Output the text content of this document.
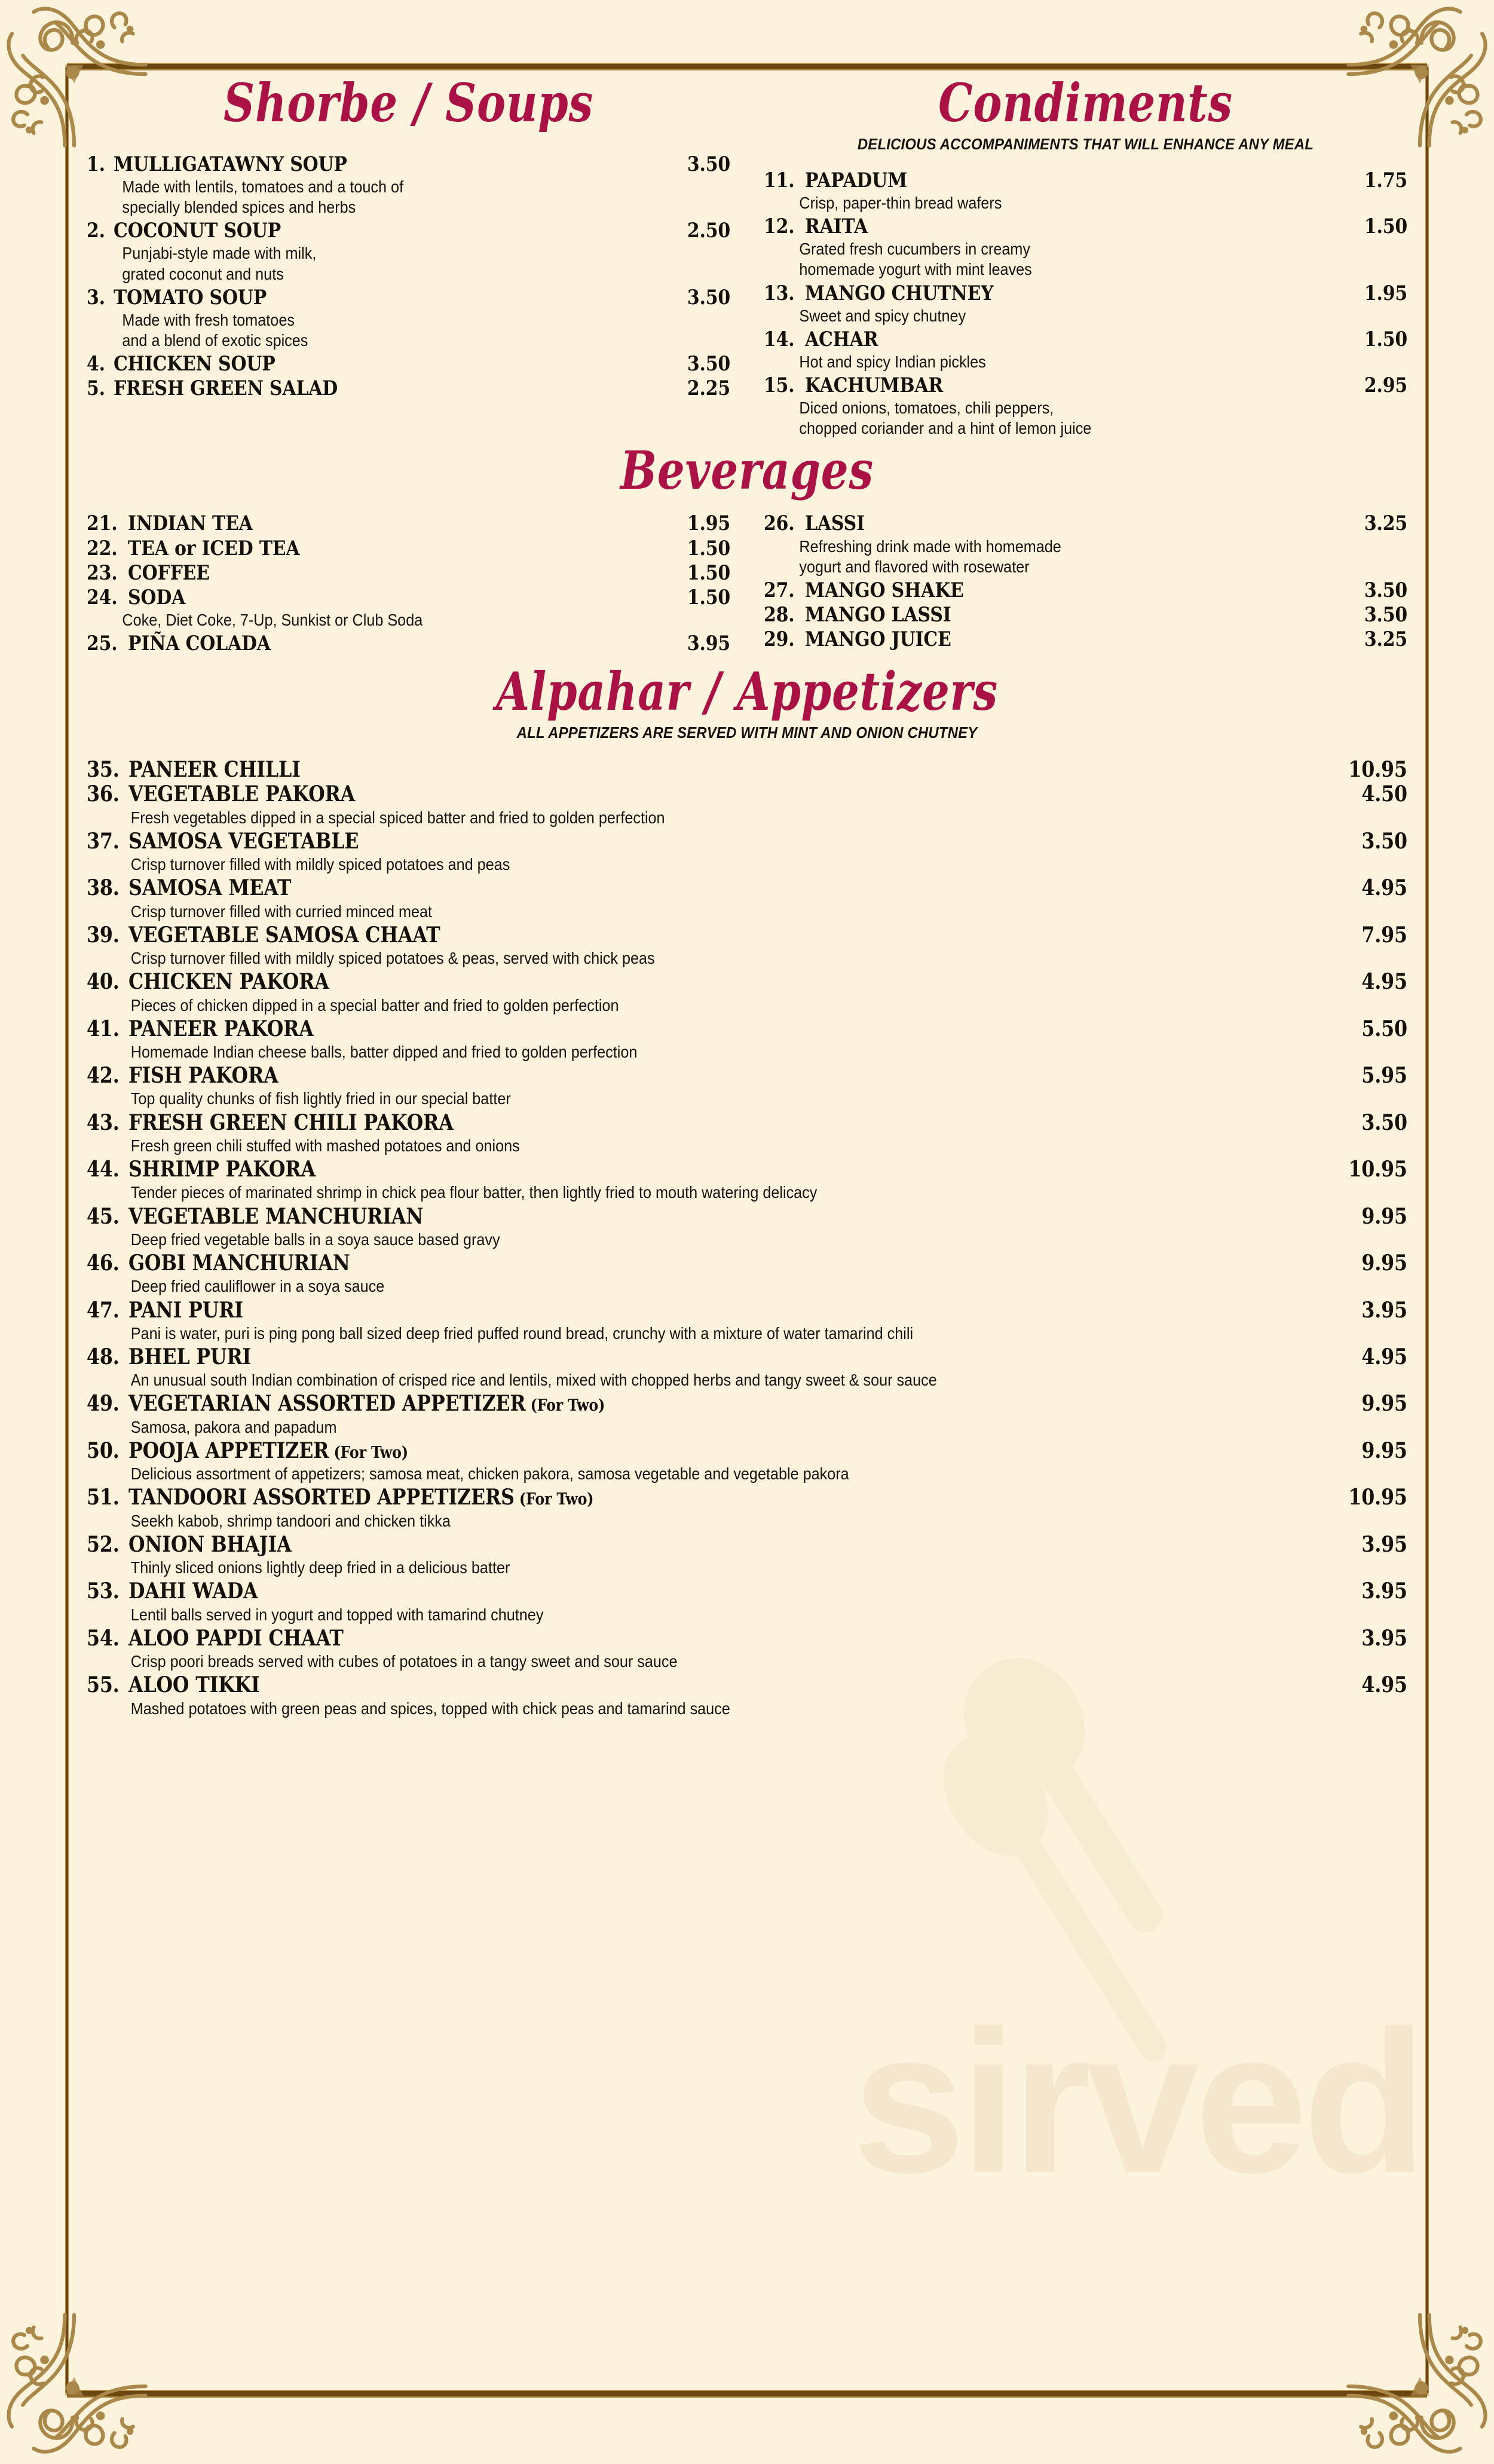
sirved
Shorbe / Soups
1. MULLIGATAWNY SOUP	3.50
Made with lentils, tomatoes and a touch of
specially blended spices and herbs
2. COCONUT SOUP	2.50
Punjabi-style made with milk,
grated coconut and nuts
3. TOMATO SOUP	3.50
Made with fresh tomatoes
and a blend of exotic spices
4. CHICKEN SOUP	3.50
5. FRESH GREEN SALAD	2.25
Condiments
DELICIOUS ACCOMPANIMENTS THAT WILL ENHANCE ANY MEAL
11. PAPADUM	1.75
Crisp, paper-thin bread wafers
12. RAITA	1.50
Grated fresh cucumbers in creamy
homemade yogurt with mint leaves
13. MANGO CHUTNEY	1.95
Sweet and spicy chutney
14. ACHAR	1.50
Hot and spicy Indian pickles
15. KACHUMBAR	2.95
Diced onions, tomatoes, chili peppers,
chopped coriander and a hint of lemon juice
Beverages
21. INDIAN TEA	1.95
22. TEA or ICED TEA	1.50
23. COFFEE	1.50
24. SODA	1.50
Coke, Diet Coke, 7-Up, Sunkist or Club Soda
25. PIÑA COLADA	3.95
26. LASSI	3.25
Refreshing drink made with homemade
yogurt and flavored with rosewater
27. MANGO SHAKE	3.50
28. MANGO LASSI	3.50
29. MANGO JUICE	3.25
Alpahar / Appetizers
ALL APPETIZERS ARE SERVED WITH MINT AND ONION CHUTNEY
35. PANEER CHILLI	10.95
36. VEGETABLE PAKORA	4.50
Fresh vegetables dipped in a special spiced batter and fried to golden perfection
37. SAMOSA VEGETABLE	3.50
Crisp turnover filled with mildly spiced potatoes and peas
38. SAMOSA MEAT	4.95
Crisp turnover filled with curried minced meat
39. VEGETABLE SAMOSA CHAAT	7.95
Crisp turnover filled with mildly spiced potatoes & peas, served with chick peas
40. CHICKEN PAKORA	4.95
Pieces of chicken dipped in a special batter and fried to golden perfection
41. PANEER PAKORA	5.50
Homemade Indian cheese balls, batter dipped and fried to golden perfection
42. FISH PAKORA	5.95
Top quality chunks of fish lightly fried in our special batter
43. FRESH GREEN CHILI PAKORA	3.50
Fresh green chili stuffed with mashed potatoes and onions
44. SHRIMP PAKORA	10.95
Tender pieces of marinated shrimp in chick pea flour batter, then lightly fried to mouth watering delicacy
45. VEGETABLE MANCHURIAN	9.95
Deep fried vegetable balls in a soya sauce based gravy
46. GOBI MANCHURIAN	9.95
Deep fried cauliflower in a soya sauce
47. PANI PURI	3.95
Pani is water, puri is ping pong ball sized deep fried puffed round bread, crunchy with a mixture of water tamarind chili
48. BHEL PURI	4.95
An unusual south Indian combination of crisped rice and lentils, mixed with chopped herbs and tangy sweet & sour sauce
49. VEGETARIAN ASSORTED APPETIZER (For Two)	9.95
Samosa, pakora and papadum
50. POOJA APPETIZER (For Two)	9.95
Delicious assortment of appetizers; samosa meat, chicken pakora, samosa vegetable and vegetable pakora
51. TANDOORI ASSORTED APPETIZERS (For Two)	10.95
Seekh kabob, shrimp tandoori and chicken tikka
52. ONION BHAJIA	3.95
Thinly sliced onions lightly deep fried in a delicious batter
53. DAHI WADA	3.95
Lentil balls served in yogurt and topped with tamarind chutney
54. ALOO PAPDI CHAAT	3.95
Crisp poori breads served with cubes of potatoes in a tangy sweet and sour sauce
55. ALOO TIKKI	4.95
Mashed potatoes with green peas and spices, topped with chick peas and tamarind sauce
